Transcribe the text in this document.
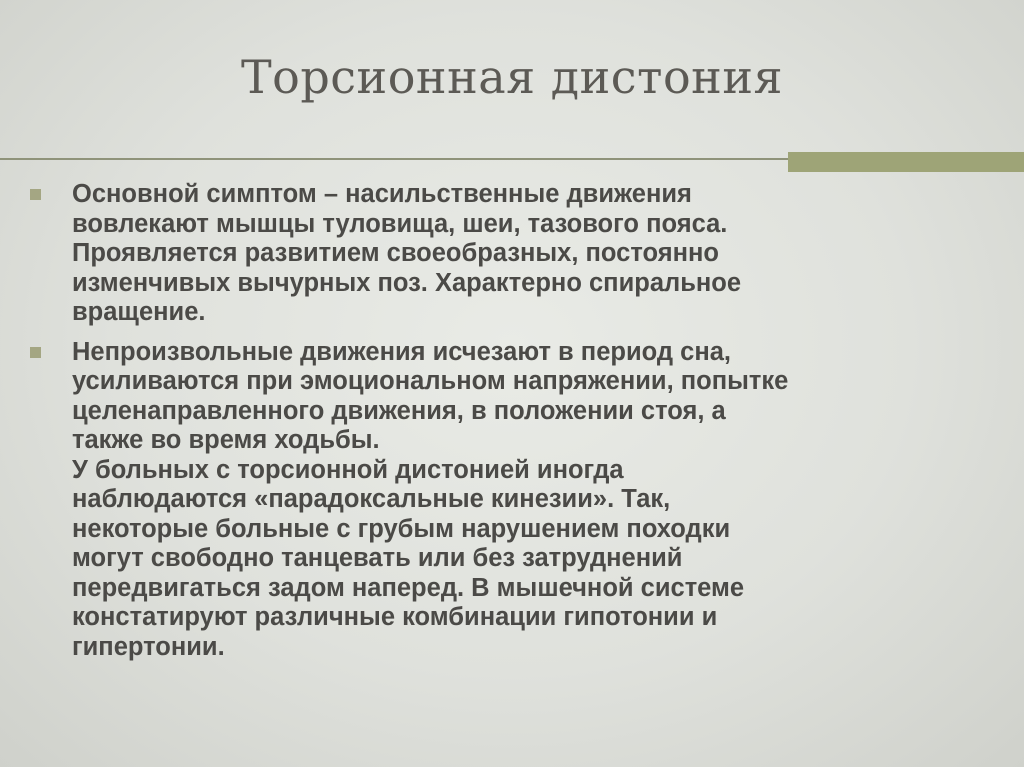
Торсионная дистония
Основной симптом – насильственные движения
вовлекают мышцы туловища, шеи, тазового пояса.
Проявляется развитием своеобразных, постоянно
изменчивых вычурных поз. Характерно спиральное
вращение.
Непроизвольные движения исчезают в период сна,
усиливаются при эмоциональном напряжении, попытке
целенаправленного движения, в положении стоя, а
также во время ходьбы.
У больных с торсионной дистонией иногда
наблюдаются «парадоксальные кинезии». Так,
некоторые больные с грубым нарушением походки
могут свободно танцевать или без затруднений
передвигаться задом наперед. В мышечной системе
констатируют различные комбинации гипотонии и
гипертонии.
